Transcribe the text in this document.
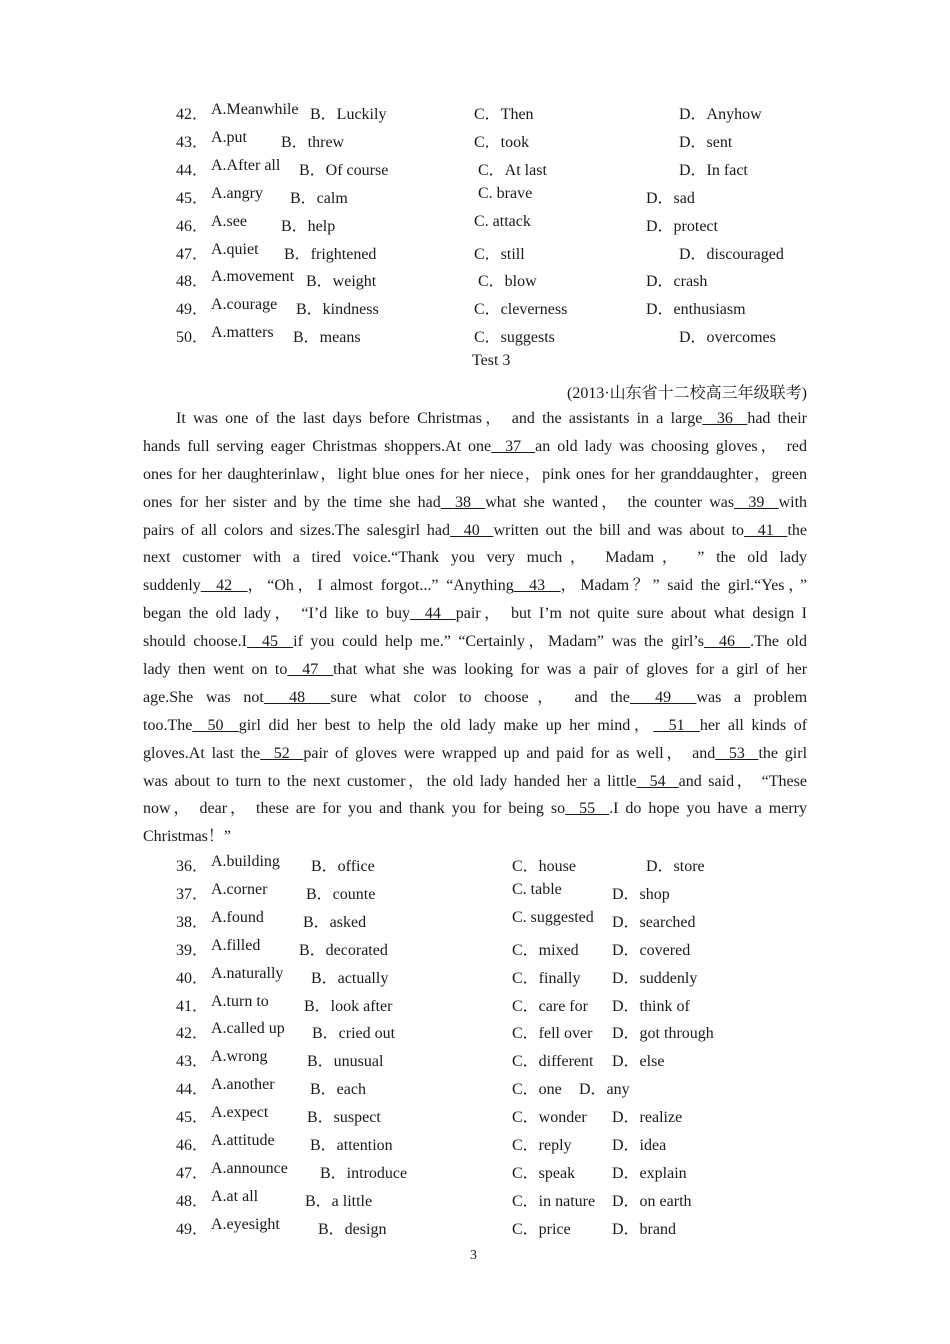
42． A.Meanwhile B．Luckily	C．Then	D．Anyhow
43． A.put B．threw	C．took	D．sent
44． A.After all B．Of course	C．At last	D．In fact
45． A.angry B．calm	C. brave	D．sad
46． A.see B．help	C. attack	D．protect
47． A.quiet B．frightened	C．still	D．discouraged
48． A.movement B．weight	C．blow	D．crash
49． A.courage B．kindness	C．cleverness	D．enthusiasm
50． A.matters B．means	C．suggests	D．overcomes
Test 3
(2013·山东省十二校高三年级联考)
It was one of the last days before Christmas， and the assistants in a large  36  had their
hands full serving eager Christmas shoppers.At one  37  an old lady was choosing gloves， red
ones for her daughterinlaw，light blue ones for her niece，pink ones for her granddaughter，green
ones for her sister and by the time she had  38  what she wanted， the counter was  39  with
pairs of all colors and sizes.The salesgirl had  40  written out the bill and was about to  41  the
next customer with a tired voice.“Thank you very much， Madam， ” the old lady
suddenly  42  ，“Oh，I almost forgot...” “Anything  43  ，Madam？” said the girl.“Yes，”
began the old lady， “I’d like to buy  44  pair， but I’m not quite sure about what design I
should choose.I  45  if you could help me.” “Certainly，Madam” was the girl’s  46  .The old
lady then went on to  47  that what she was looking for was a pair of gloves for a girl of her
age.She was not  48  sure what color to choose， and the  49  was a problem
too.The  50  girl did her best to help the old lady make up her mind，  51  her all kinds of
gloves.At last the  52  pair of gloves were wrapped up and paid for as well， and  53  the girl
was about to turn to the next customer，the old lady handed her a little  54  and said， “These
now， dear， these are for you and thank you for being so  55  .I do hope you have a merry
Christmas！”
36． A.building B．office	C．house	D．store
37． A.corner B．counte	C. table	D．shop
38． A.found B．asked	C. suggested D．searched
39． A.filled B．decorated	C．mixed D．covered
40． A.naturally B．actually	C．finally D．suddenly
41． A.turn to B．look after	C．care for D．think of
42． A.called up B．cried out	C．fell over D．got through
43． A.wrong B．unusual	C．different D．else
44． A.another B．each	C．one D．any
45． A.expect B．suspect	C．wonder D．realize
46． A.attitude B．attention	C．reply	D．idea
47． A.announce B．introduce	C．speak D．explain
48． A.at all	B．a little	C．in nature D．on earth
49． A.eyesight B．design	C．price	D．brand
3
